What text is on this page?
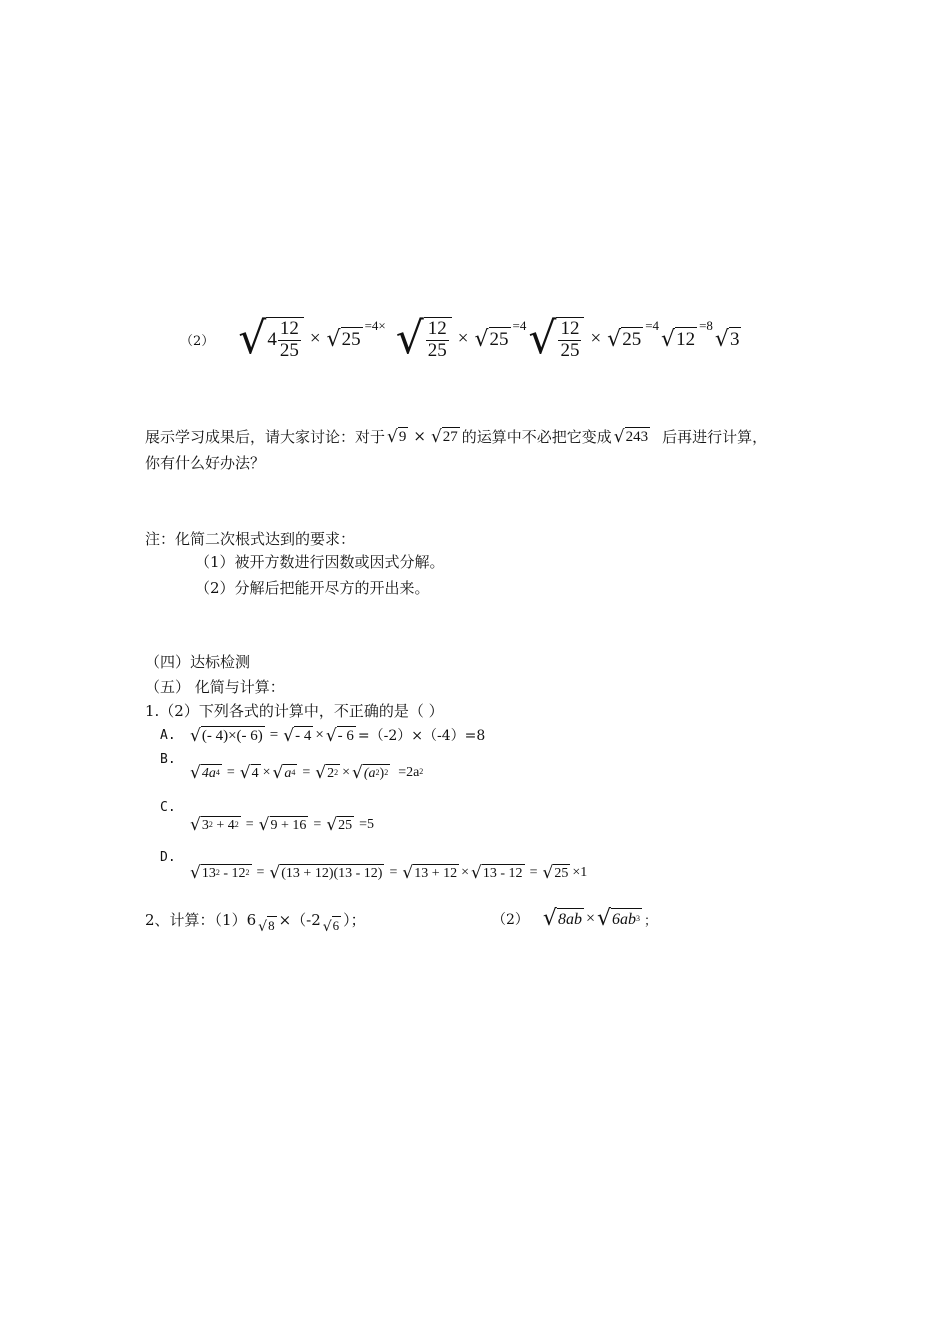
（2） √ $4 \frac{12}{25}$ × √ 25
=4× √ $\frac{12}{25}$ × √ 25
=4 √ $\frac{12}{25}$ × √ 25
=4
√ 12
=8
√ 3
展示学习成果后，请大家讨论：对于 √ 9 × √ 27 的运算中不必把它变成 √ 243 后再进行计算，
你有什么好办法？
注：化简二次根式达到的要求：
（1）被开方数进行因数或因式分解。
（2）分解后把能开尽方的开出来。
（四）达标检测
（五） 化简与计算：
1.（2）下列各式的计算中，不正确的是（ ）
A. √ (- 4)×(- 6) = √ - 4 × √ - 6 =（-2）×（-4）=8
B.
√ $4a^4$ = √ 4 × √ $a^4$ = √ $2^2$ × √ ($a^2$ )$^2 =2a^2$
C.
√ $3^2 + 4^2$ = √ 9 + 16 = √ 25 =5
D.
√ $13^2 - 12^2$ = √ (13 + 12)(13 - 12) = √ 13 + 12 × √ 13 - 12 = √ 25 ×1
2、计算：（1）6 √ 8 ×（-2 √ 6 ）；	（2） √ 8ab × √ $6ab^3$ ；
